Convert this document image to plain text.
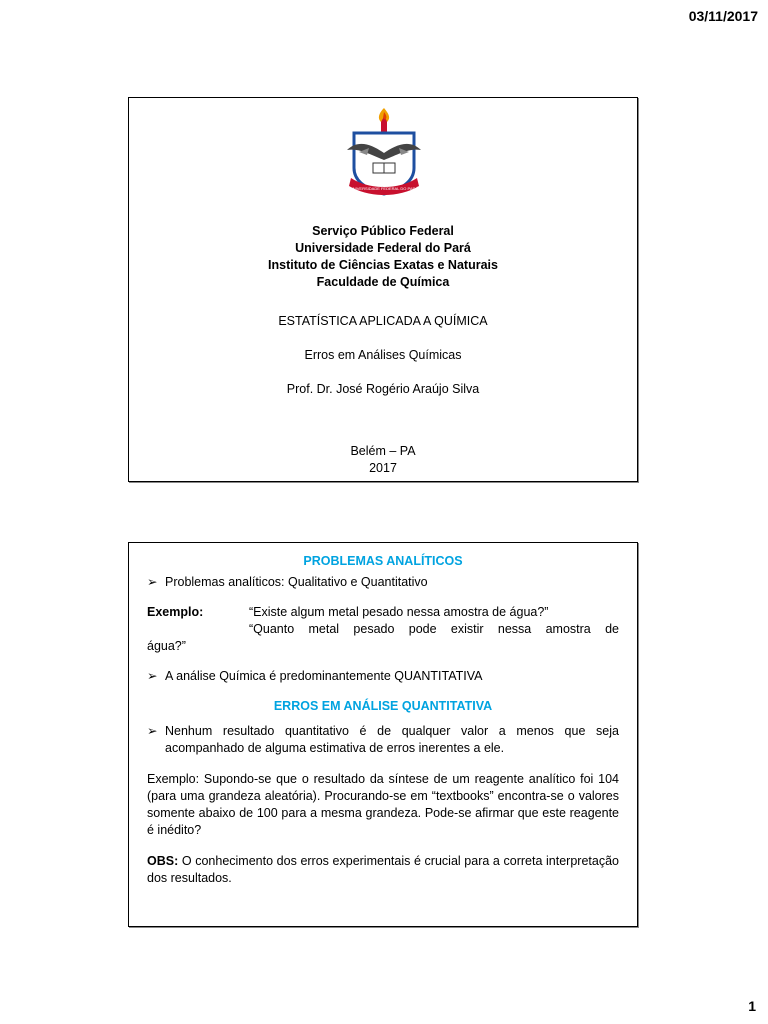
03/11/2017
UNIVERSIDADE FEDERAL DO PARÁ
Serviço Público Federal
Universidade Federal do Pará
Instituto de Ciências Exatas e Naturais
Faculdade de Química
ESTATÍSTICA APLICADA A QUÍMICA
Erros em Análises Químicas
Prof. Dr. José Rogério Araújo Silva
Belém – PA
2017
PROBLEMAS ANALÍTICOS
➢ Problemas analíticos: Qualitativo e Quantitativo
Exemplo:	“Existe algum metal pesado nessa amostra de água?”
“Quanto metal pesado pode existir nessa amostra de
água?”
➢ A análise Química é predominantemente QUANTITATIVA
ERROS EM ANÁLISE QUANTITATIVA
➢ Nenhum resultado quantitativo é de qualquer valor a menos que seja acompanhado de alguma estimativa de erros inerentes a ele.

Exemplo: Supondo-se que o resultado da síntese de um reagente analítico foi 104 (para uma grandeza aleatória). Procurando-se em “textbooks” encontra-se o valores somente abaixo de 100 para a mesma grandeza. Pode-se afirmar que este reagente é inédito?

OBS: O conhecimento dos erros experimentais é crucial para a correta interpretação dos resultados.

1
